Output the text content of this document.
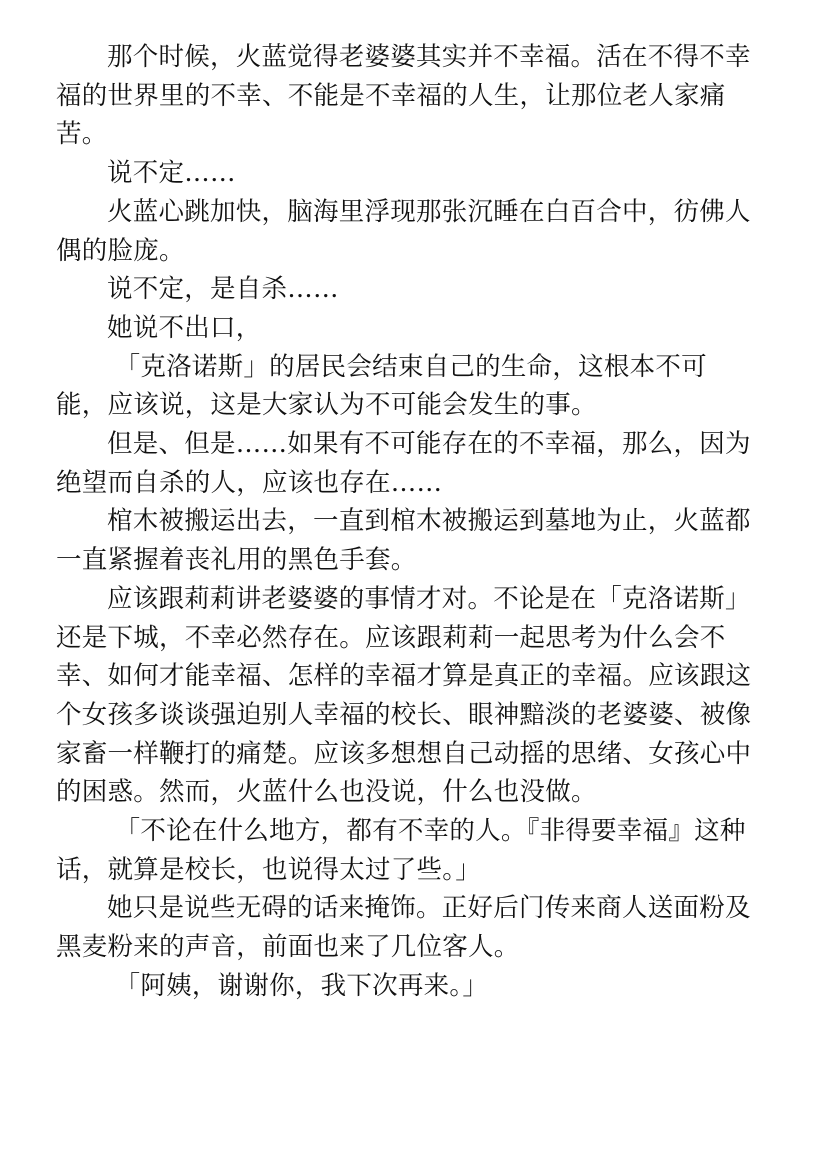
那个时候，火蓝觉得老婆婆其实并不幸福。活在不得不幸福的世界里的不幸、不能是不幸福的人生，让那位老人家痛苦。

说不定……

火蓝心跳加快，脑海里浮现那张沉睡在白百合中，彷佛人偶的脸庞。

说不定，是自杀……

她说不出口，

「克洛诺斯」的居民会结束自己的生命，这根本不可能，应该说，这是大家认为不可能会发生的事。

但是、但是……如果有不可能存在的不幸福，那么，因为绝望而自杀的人，应该也存在……

棺木被搬运出去，一直到棺木被搬运到墓地为止，火蓝都一直紧握着丧礼用的黑色手套。

应该跟莉莉讲老婆婆的事情才对。不论是在「克洛诺斯」还是下城，不幸必然存在。应该跟莉莉一起思考为什么会不幸、如何才能幸福、怎样的幸福才算是真正的幸福。应该跟这个女孩多谈谈强迫别人幸福的校长、眼神黯淡的老婆婆、被像家畜一样鞭打的痛楚。应该多想想自己动摇的思绪、女孩心中的困惑。然而，火蓝什么也没说，什么也没做。

「不论在什么地方，都有不幸的人。『非得要幸福』这种话，就算是校长，也说得太过了些。」

她只是说些无碍的话来掩饰。正好后门传来商人送面粉及黑麦粉来的声音，前面也来了几位客人。

「阿姨，谢谢你，我下次再来。」
